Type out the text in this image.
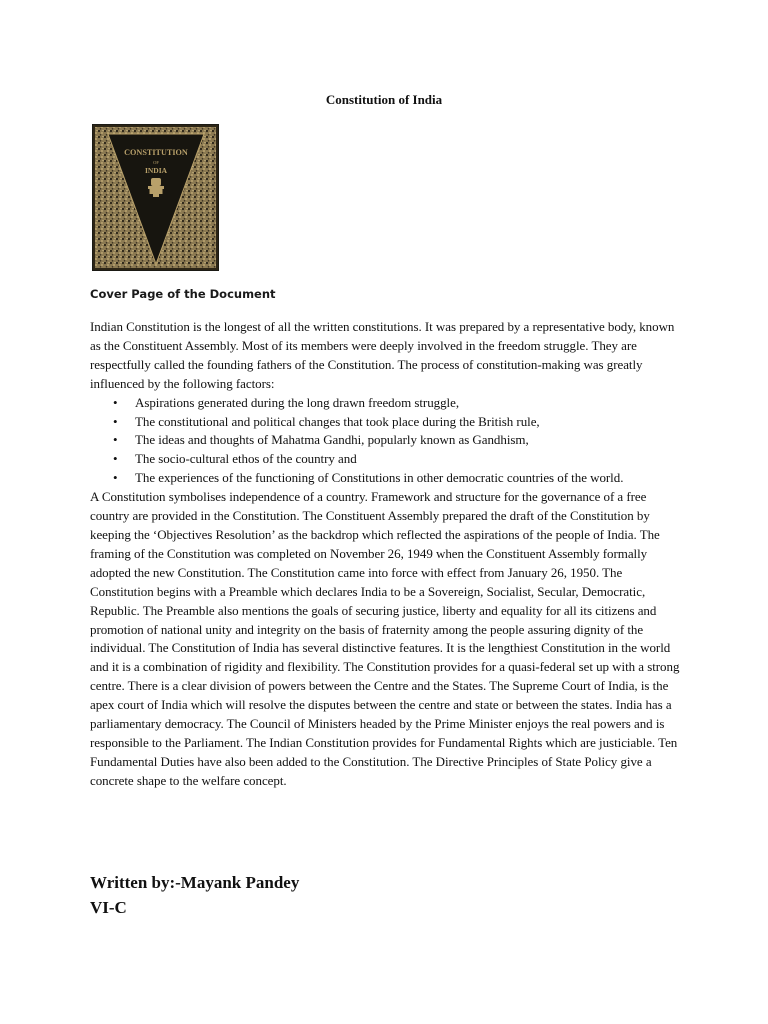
Constitution of India
CONSTITUTION
OF
INDIA
Cover Page of the Document

Indian Constitution is the longest of all the written constitutions. It was prepared by a representative body, known as the Constituent Assembly. Most of its members were deeply involved in the freedom struggle. They are respectfully called the founding fathers of the Constitution. The process of constitution-making was greatly influenced by the following factors:

• Aspirations generated during the long drawn freedom struggle,
• The constitutional and political changes that took place during the British rule,
• The ideas and thoughts of Mahatma Gandhi, popularly known as Gandhism,
• The socio-cultural ethos of the country and
• The experiences of the functioning of Constitutions in other democratic countries of the world.

A Constitution symbolises independence of a country. Framework and structure for the governance of a free country are provided in the Constitution. The Constituent Assembly prepared the draft of the Constitution by keeping the ‘Objectives Resolution’ as the backdrop which reflected the aspirations of the people of India. The framing of the Constitution was completed on November 26, 1949 when the Constituent Assembly formally adopted the new Constitution. The Constitution came into force with effect from January 26, 1950. The Constitution begins with a Preamble which declares India to be a Sovereign, Socialist, Secular, Democratic, Republic. The Preamble also mentions the goals of securing justice, liberty and equality for all its citizens and promotion of national unity and integrity on the basis of fraternity among the people assuring dignity of the individual. The Constitution of India has several distinctive features. It is the lengthiest Constitution in the world and it is a combination of rigidity and flexibility. The Constitution provides for a quasi-federal set up with a strong centre. There is a clear division of powers between the Centre and the States. The Supreme Court of India, is the apex court of India which will resolve the disputes between the centre and state or between the states. India has a parliamentary democracy. The Council of Ministers headed by the Prime Minister enjoys the real powers and is responsible to the Parliament. The Indian Constitution provides for Fundamental Rights which are justiciable. Ten Fundamental Duties have also been added to the Constitution. The Directive Principles of State Policy give a concrete shape to the welfare concept.

Written by:-Mayank Pandey
VI-C
